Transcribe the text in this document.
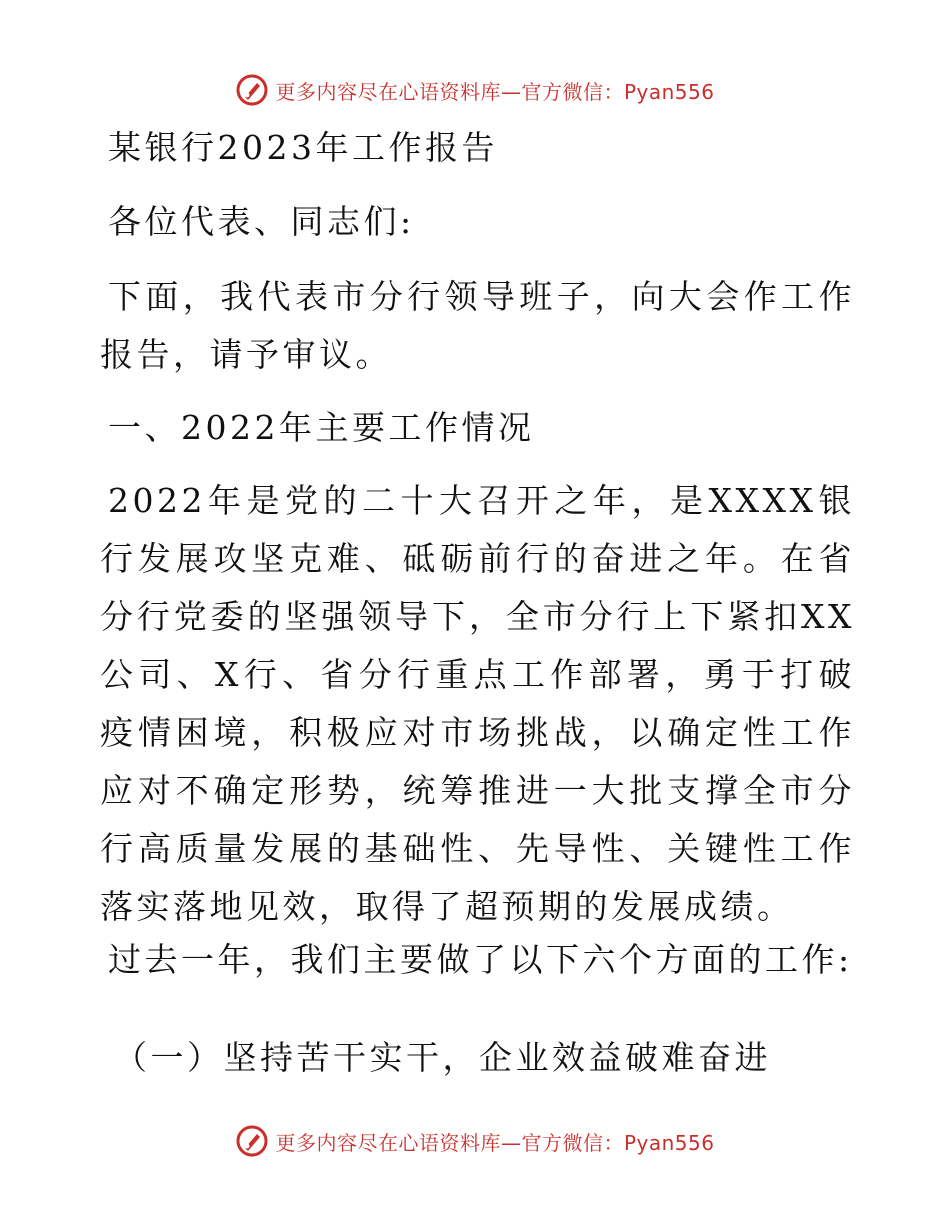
更多内容尽在心语资料库—官方微信：Pyan556
某银行2023年工作报告
各位代表、同志们:
下面，我代表市分行领导班子，向大会作工作报告，请予审议。
一、2022年主要工作情况
2022年是党的二十大召开之年，是XXXX银行发展攻坚克难、砥砺前行的奋进之年。在省分行党委的坚强领导下，全市分行上下紧扣XX公司、X行、省分行重点工作部署，勇于打破疫情困境，积极应对市场挑战，以确定性工作应对不确定形势，统筹推进一大批支撑全市分行高质量发展的基础性、先导性、关键性工作落实落地见效，取得了超预期的发展成绩。
过去一年，我们主要做了以下六个方面的工作:
（一）坚持苦干实干，企业效益破难奋进
更多内容尽在心语资料库—官方微信：Pyan556
